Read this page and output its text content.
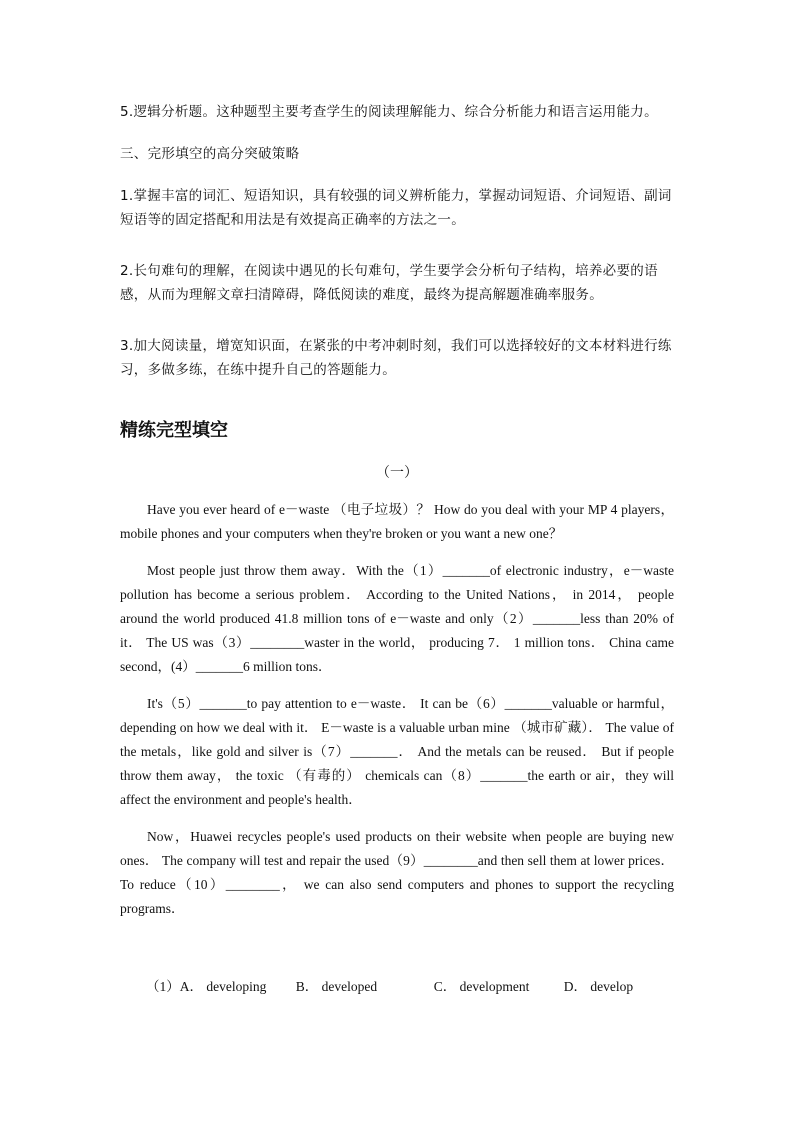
5.逻辑分析题。这种题型主要考查学生的阅读理解能力、综合分析能力和语言运用能力。

三、完形填空的高分突破策略

1.掌握丰富的词汇、短语知识，具有较强的词义辨析能力，掌握动词短语、介词短语、副词短语等的固定搭配和用法是有效提高正确率的方法之一。

2.长句难句的理解，在阅读中遇见的长句难句，学生要学会分析句子结构，培养必要的语感，从而为理解文章扫清障碍，降低阅读的难度，最终为提高解题准确率服务。

3.加大阅读量，增宽知识面，在紧张的中考冲刺时刻，我们可以选择较好的文本材料进行练习，多做多练，在练中提升自己的答题能力。

精练完型填空

（一）

Have you ever heard of e－waste （电子垃圾）？ How do you deal with your MP 4 players，mobile phones and your computers when they're broken or you want a new one？

Most people just throw them away．With the（1）_______of electronic industry，e－waste pollution has become a serious problem． According to the United Nations， in 2014， people around the world produced 41.8 million tons of e－waste and only（2）_______less than 20% of it． The US was（3）________waster in the world， producing 7． 1 million tons． China came second，(4）_______6 million tons．

It's（5）_______to pay attention to e－waste． It can be（6）_______valuable or harmful，depending on how we deal with it． E－waste is a valuable urban mine （城市矿藏）． The value of the metals，like gold and silver is（7）_______． And the metals can be reused． But if people throw them away， the toxic （有毒的） chemicals can（8）_______the earth or air，they will affect the environment and people's health．

Now，Huawei recycles people's used products on their website when people are buying new ones． The company will test and repair the used（9）________and then sell them at lower prices． To reduce（10）________， we can also send computers and phones to support the recycling programs．

（1）A． developing B． developed	C． development	D． develop
